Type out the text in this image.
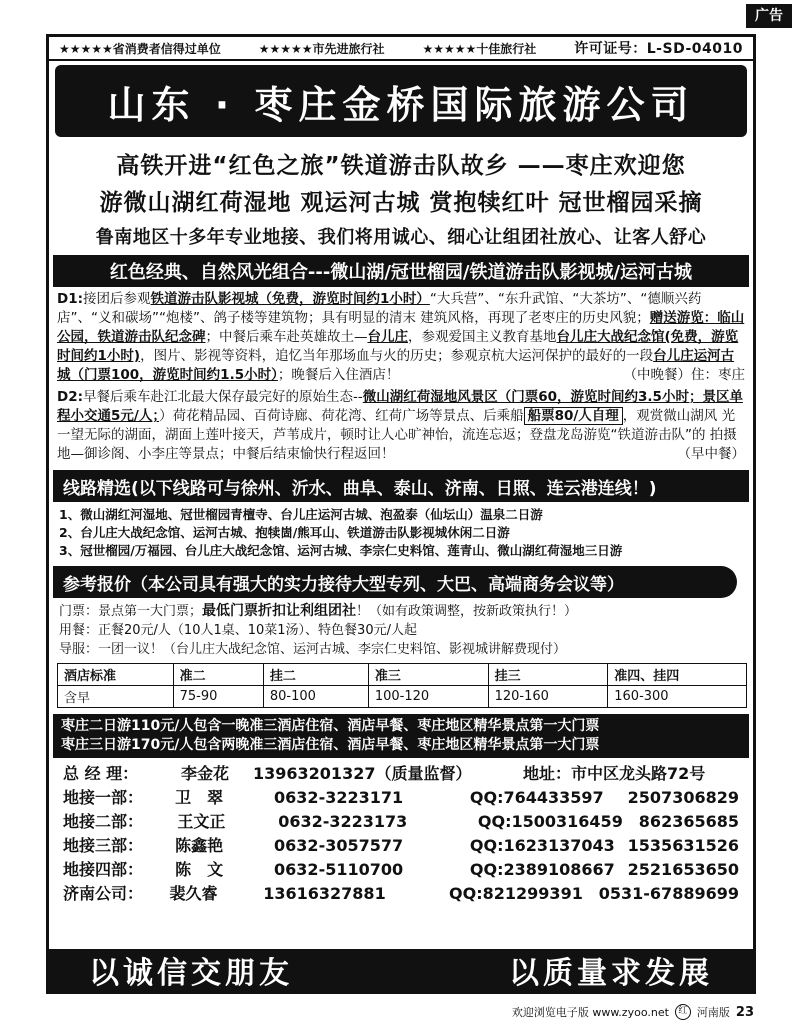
广告
★★★★★省消费者信得过单位	★★★★★市先进旅行社	★★★★★十佳旅行社	许可证号：L-SD-04010
山东 · 枣庄金桥国际旅游公司
高铁开进“红色之旅”铁道游击队故乡 ——枣庄欢迎您
游微山湖红荷湿地 观运河古城 赏抱犊红叶 冠世榴园采摘
鲁南地区十多年专业地接、我们将用诚心、细心让组团社放心、让客人舒心
红色经典、自然风光组合---微山湖/冠世榴园/铁道游击队影视城/运河古城
D1:接团后参观铁道游击队影视城（免费，游览时间约1小时）“大兵营”、“东升武馆、“大茶坊”、“德顺兴药店”、“义和碳场”“炮楼”、鸽子楼等建筑物；具有明显的清末 建筑风格，再现了老枣庄的历史风貌；赠送游览：临山公园，铁道游击队纪念碑；中餐后乘车赴英雄故土—台儿庄，参观爱国主义教育基地台儿庄大战纪念馆(免费，游览时间约1小时)，图片、影视等资料，追忆当年那场血与火的历史；参观京杭大运河保护的最好的一段台儿庄运河古城（门票100，游览时间约1.5小时）；晚餐后入住酒店！	（中晚餐）住：枣庄
D2:早餐后乘车赴江北最大保存最完好的原始生态--微山湖红荷湿地风景区（门票60，游览时间约3.5小时；景区单程小交通5元/人；）荷花精品园、百荷诗廊、荷花湾、红荷广场等景点、后乘船 船票80/人自理 ，观赏微山湖风 光一望无际的湖面，湖面上莲叶接天，芦苇成片，顿时让人心旷神怡，流连忘返；登盘龙岛游览“铁道游击队”的 拍摄地—御诊阁、小李庄等景点；中餐后结束愉快行程返回！	（早中餐）
线路精选(以下线路可与徐州、沂水、曲阜、泰山、济南、日照、连云港连线！)
1、微山湖红河湿地、冠世榴园青檀寺、台儿庄运河古城、泡盈泰（仙坛山）温泉二日游
2、台儿庄大战纪念馆、运河古城、抱犊崮/熊耳山、铁道游击队影视城休闲二日游
3、冠世榴园/万福园、台儿庄大战纪念馆、运河古城、李宗仁史料馆、莲青山、微山湖红荷湿地三日游
参考报价（本公司具有强大的实力接待大型专列、大巴、高端商务会议等）
门票：景点第一大门票；最低门票折扣让利组团社！（如有政策调整，按新政策执行！）
用餐：正餐20元/人（10人1桌、10菜1汤）、特色餐30元/人起
导服：一团一议！（台儿庄大战纪念馆、运河古城、李宗仁史料馆、影视城讲解费现付）
酒店标准	准二	挂二	准三	挂三	准四、挂四
含早	75-90	80-100	100-120	120-160	160-300
枣庄二日游110元/人包含一晚准三酒店住宿、酒店早餐、枣庄地区精华景点第一大门票
枣庄三日游170元/人包含两晚准三酒店住宿、酒店早餐、枣庄地区精华景点第一大门票
总 经 理：	李金花	13963201327（质量监督）	地址：市中区龙头路72号
地接一部：	卫　翠	0632-3223171	QQ:764433597	2507306829
地接二部：	王文正	0632-3223173	QQ:1500316459 862365685
地接三部：	陈鑫艳	0632-3057577	QQ:1623137043 1535631526
地接四部：	陈　文	0632-5110700	QQ:2389108667 2521653650
济南公司：	裴久睿	13616327881	QQ:821299391 0531-67889699
以诚信交朋友	以质量求发展
欢迎浏览电子版 www.zyoo.net	红 河南版 23
